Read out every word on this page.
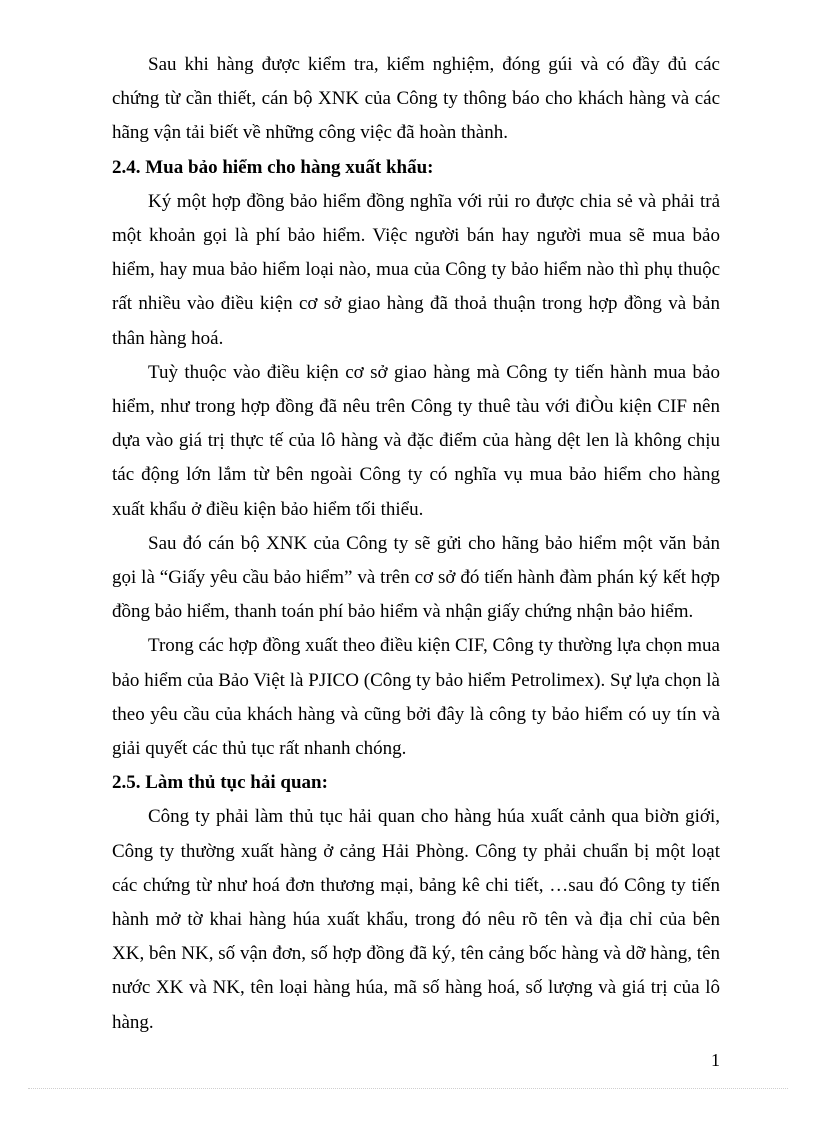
Sau khi hàng được kiểm tra, kiểm nghiệm, đóng gúi và có đầy đủ các chứng từ cần thiết, cán bộ XNK của Công ty thông báo cho khách hàng và các hãng vận tải biết về những công việc đã hoàn thành.

2.4. Mua bảo hiểm cho hàng xuất khẩu:

Ký một hợp đồng bảo hiểm đồng nghĩa với rủi ro được chia sẻ và phải trả một khoản gọi là phí bảo hiểm. Việc người bán hay người mua sẽ mua bảo hiểm, hay mua bảo hiểm loại nào, mua của Công ty bảo hiểm nào thì phụ thuộc rất nhiều vào điều kiện cơ sở giao hàng đã thoả thuận trong hợp đồng và bản thân hàng hoá.

Tuỳ thuộc vào điều kiện cơ sở giao hàng mà Công ty tiến hành mua bảo hiểm, như trong hợp đồng đã nêu trên Công ty thuê tàu với điÒu kiện CIF nên dựa vào giá trị thực tế của lô hàng và đặc điểm của hàng dệt len là không chịu tác động lớn lắm từ bên ngoài Công ty có nghĩa vụ mua bảo hiểm cho hàng xuất khẩu ở điều kiện bảo hiểm tối thiểu.

Sau đó cán bộ XNK của Công ty sẽ gửi cho hãng bảo hiểm một văn bản gọi là “Giấy yêu cầu bảo hiểm” và trên cơ sở đó tiến hành đàm phán ký kết hợp đồng bảo hiểm, thanh toán phí bảo hiểm và nhận giấy chứng nhận bảo hiểm.

Trong các hợp đồng xuất theo điều kiện CIF, Công ty thường lựa chọn mua bảo hiểm của Bảo Việt là PJICO (Công ty bảo hiểm Petrolimex). Sự lựa chọn là theo yêu cầu của khách hàng và cũng bởi đây là công ty bảo hiểm có uy tín và giải quyết các thủ tục rất nhanh chóng.

2.5. Làm thủ tục hải quan:

Công ty phải làm thủ tục hải quan cho hàng húa xuất cảnh qua biờn giới, Công ty thường xuất hàng ở cảng Hải Phòng. Công ty phải chuẩn bị một loạt các chứng từ như hoá đơn thương mại, bảng kê chi tiết, …sau đó Công ty tiến hành mở tờ khai hàng húa xuất khẩu, trong đó nêu rõ tên và địa chỉ của bên XK, bên NK, số vận đơn, số hợp đồng đã ký, tên cảng bốc hàng và dỡ hàng, tên nước XK và NK, tên loại hàng húa, mã số hàng hoá, số lượng và giá trị của lô hàng.

1
